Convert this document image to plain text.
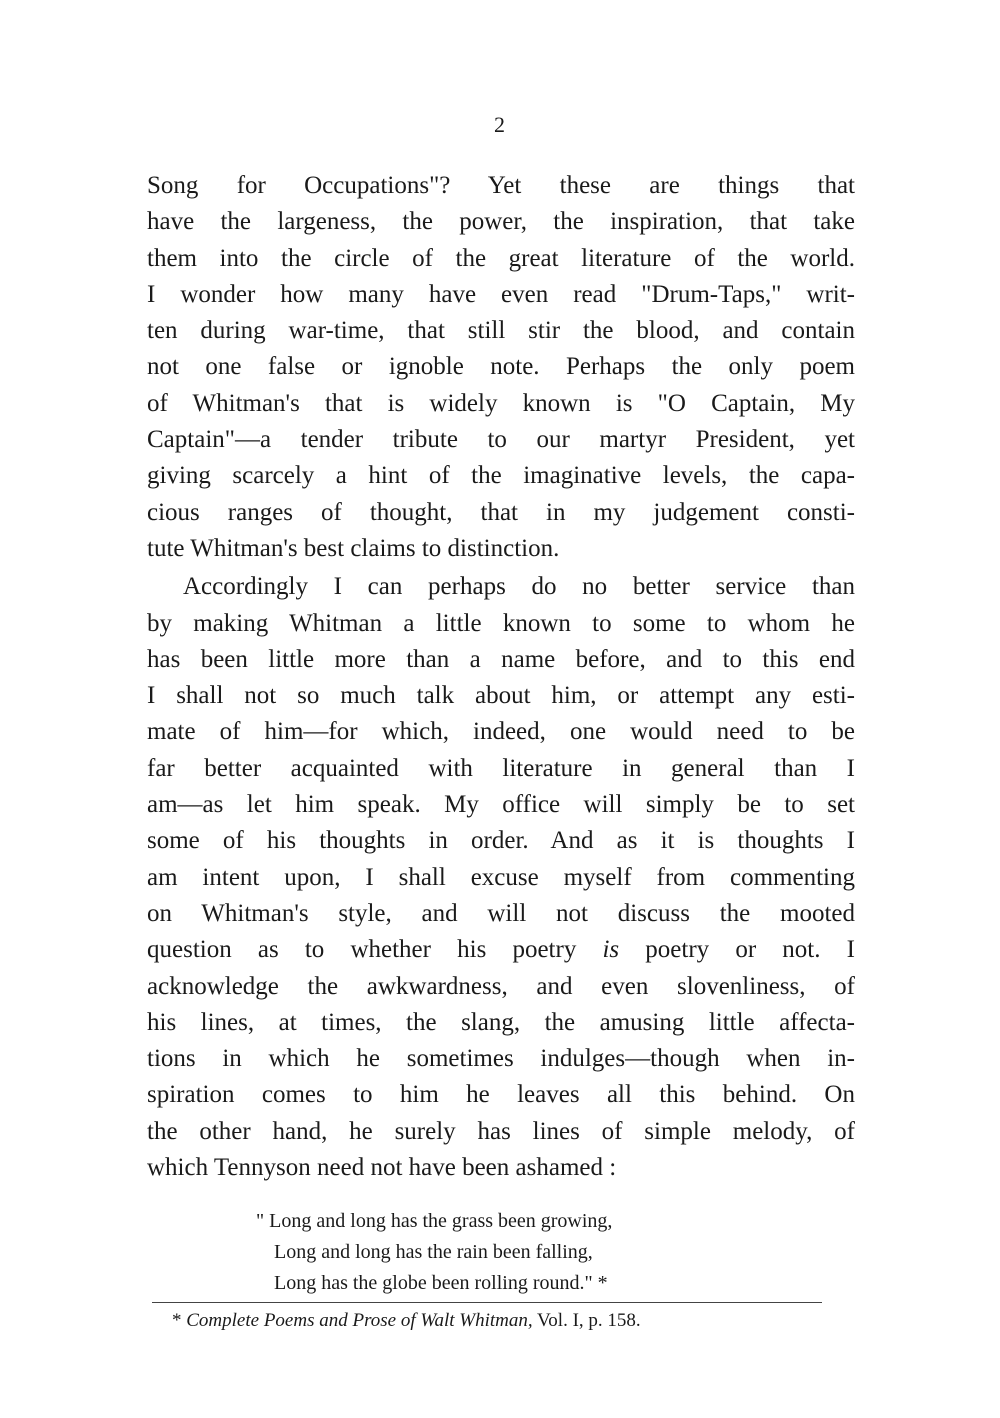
2
Song for Occupations"? Yet these are things that
have the largeness, the power, the inspiration, that take
them into the circle of the great literature of the world.
I wonder how many have even read "Drum-Taps," writ-
ten during war-time, that still stir the blood, and contain
not one false or ignoble note. Perhaps the only poem
of Whitman's that is widely known is "O Captain, My
Captain"—a tender tribute to our martyr President, yet
giving scarcely a hint of the imaginative levels, the capa-
cious ranges of thought, that in my judgement consti-
tute Whitman's best claims to distinction.
Accordingly I can perhaps do no better service than
by making Whitman a little known to some to whom he
has been little more than a name before, and to this end
I shall not so much talk about him, or attempt any esti-
mate of him—for which, indeed, one would need to be
far better acquainted with literature in general than I
am—as let him speak. My office will simply be to set
some of his thoughts in order. And as it is thoughts I
am intent upon, I shall excuse myself from commenting
on Whitman's style, and will not discuss the mooted
question as to whether his poetry is poetry or not. I
acknowledge the awkwardness, and even slovenliness, of
his lines, at times, the slang, the amusing little affecta-
tions in which he sometimes indulges—though when in-
spiration comes to him he leaves all this behind. On
the other hand, he surely has lines of simple melody, of
which Tennyson need not have been ashamed :
" Long and long has the grass been growing,
Long and long has the rain been falling,
Long has the globe been rolling round." *
* Complete Poems and Prose of Walt Whitman, Vol. I, p. 158.
